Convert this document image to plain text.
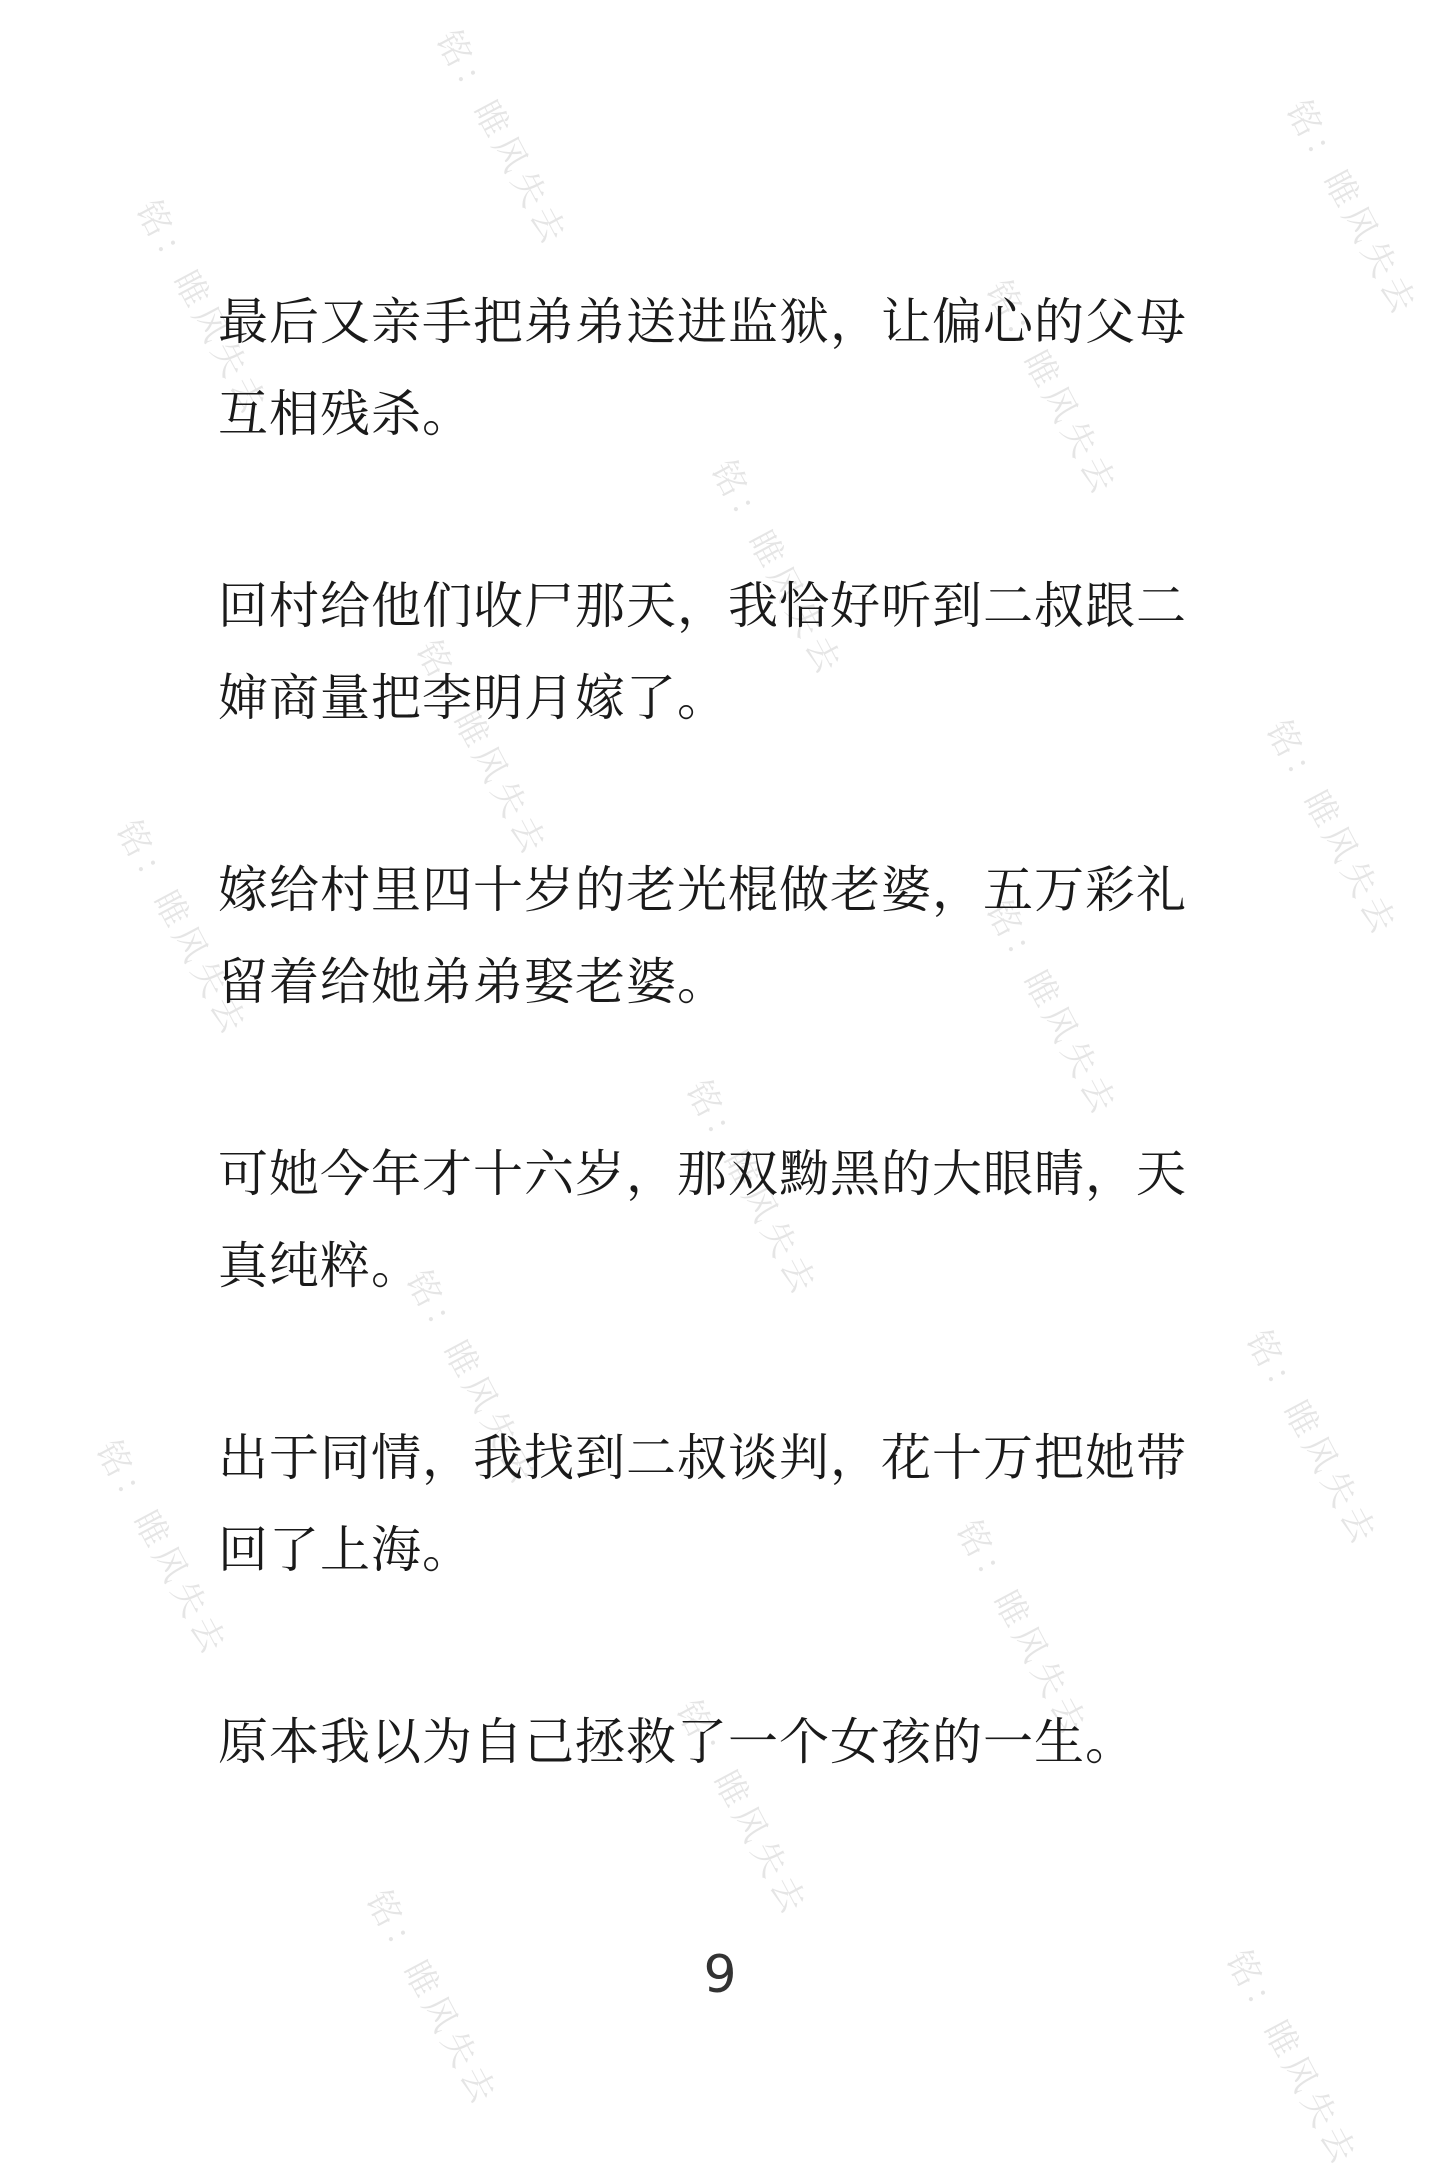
铭：睢风失去	铭：睢风失去
铭：睢风失去	铭：睢风失去
铭：睢风失去
铭：睢风失去	铭：睢风失去
铭：睢风失去	铭：睢风失去
铭：睢风失去
铭：睢风失去	铭：睢风失去
铭：睢风失去	铭：睢风失去
铭：睢风失去
铭：睢风失去	铭：睢风失去

最后又亲手把弟弟送进监狱，让偏心的父母互相残杀。

回村给他们收尸那天，我恰好听到二叔跟二婶商量把李明月嫁了。

嫁给村里四十岁的老光棍做老婆，五万彩礼留着给她弟弟娶老婆。

可她今年才十六岁，那双黝黑的大眼睛，天真纯粹。

出于同情，我找到二叔谈判，花十万把她带回了上海。

原本我以为自己拯救了一个女孩的一生。

9
